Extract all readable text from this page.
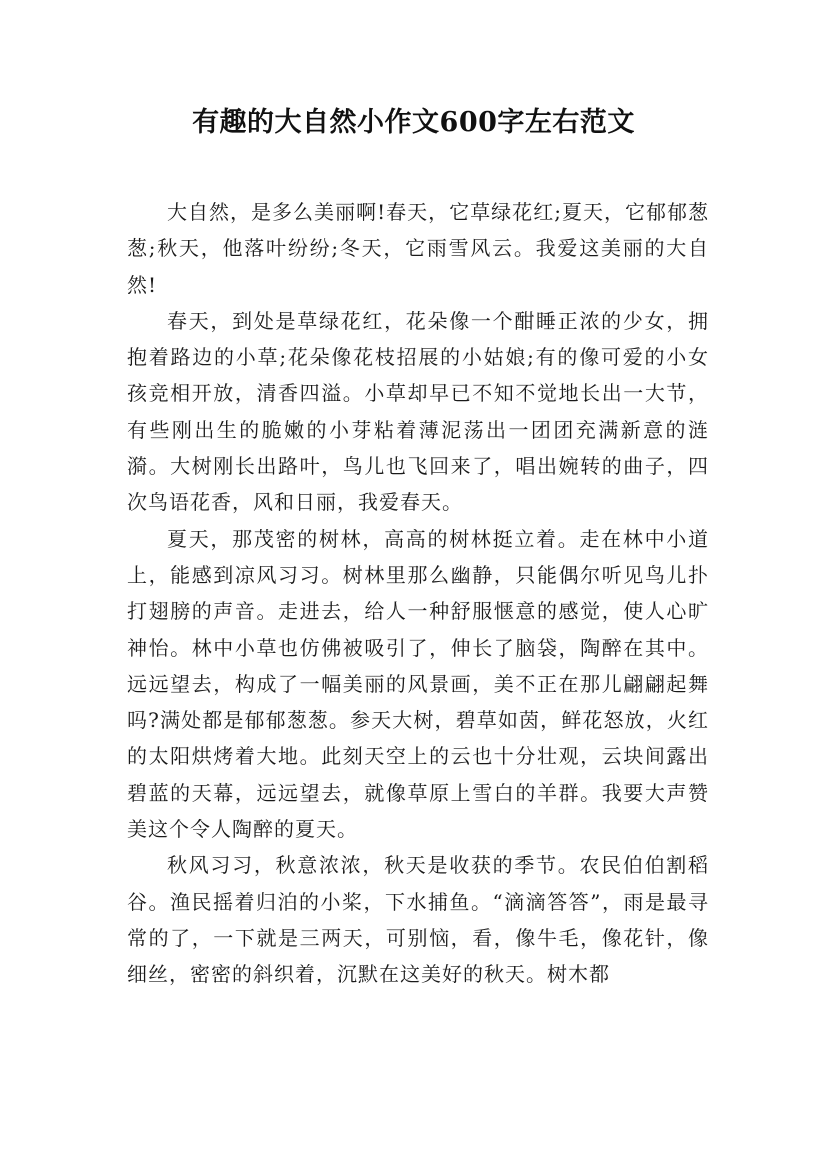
有趣的大自然小作文600字左右范文

大自然，是多么美丽啊!春天，它草绿花红;夏天，它郁郁葱葱;秋天，他落叶纷纷;冬天，它雨雪风云。我爱这美丽的大自然!

春天，到处是草绿花红，花朵像一个酣睡正浓的少女，拥抱着路边的小草;花朵像花枝招展的小姑娘;有的像可爱的小女孩竞相开放，清香四溢。小草却早已不知不觉地长出一大节，有些刚出生的脆嫩的小芽粘着薄泥荡出一团团充满新意的涟漪。大树刚长出路叶，鸟儿也飞回来了，唱出婉转的曲子，四次鸟语花香，风和日丽，我爱春天。

夏天，那茂密的树林，高高的树林挺立着。走在林中小道上，能感到凉风习习。树林里那么幽静，只能偶尔听见鸟儿扑打翅膀的声音。走进去，给人一种舒服惬意的感觉，使人心旷神怡。林中小草也仿佛被吸引了，伸长了脑袋，陶醉在其中。远远望去，构成了一幅美丽的风景画，美不正在那儿翩翩起舞吗?满处都是郁郁葱葱。参天大树，碧草如茵，鲜花怒放，火红的太阳烘烤着大地。此刻天空上的云也十分壮观，云块间露出碧蓝的天幕，远远望去，就像草原上雪白的羊群。我要大声赞美这个令人陶醉的夏天。

秋风习习，秋意浓浓，秋天是收获的季节。农民伯伯割稻谷。渔民摇着归泊的小桨，下水捕鱼。“滴滴答答”，雨是最寻常的了，一下就是三两天，可别恼，看，像牛毛，像花针，像细丝，密密的斜织着，沉默在这美好的秋天。树木都
